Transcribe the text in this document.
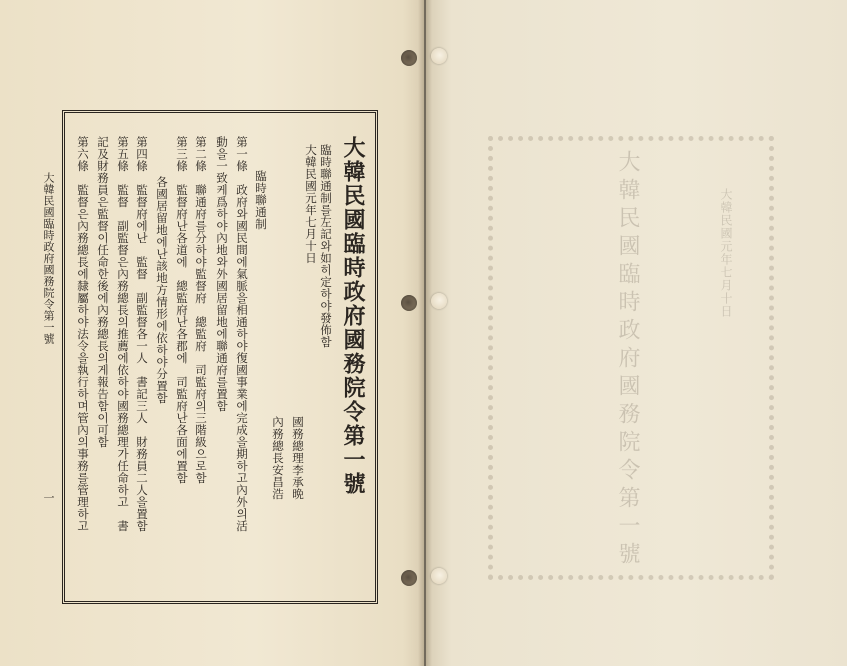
大韓民國臨時政府國務院令第一號
一
大韓民國臨時政府國務院令第一號
臨時聯通制를左記와如히定하야發佈함
大韓民國元年七月十日
國務總理李承晩
內務總長安昌浩
臨時聯通制
第一條　政府와國民間에氣脈을相通하야復國事業에完成을期하고內外의活
動을一致케爲하야內地와外國居留地에聯通府를置함
第二條　聯通府를分하야監督府　總監府　司監府의三階級으로함
第三條　監督府난各道에　總監府난各郡에　司監府난各面에置함
各國居留地에난該地方情形에依하야分置함
第四條　監督府에난　監督　副監督各一人　書記三人　財務員二人을置함
第五條　監督　副監督은內務總長의推薦에依하야國務總理가任命하고　書
記及財務員은監督이任命한後에內務總長의게報告함이可함
第六條　監督은內務總長에隸屬하야法令을執行하며管內의事務를管理하고	大韓民國臨時政府國務院令第一號	大韓民國元年七月十日
